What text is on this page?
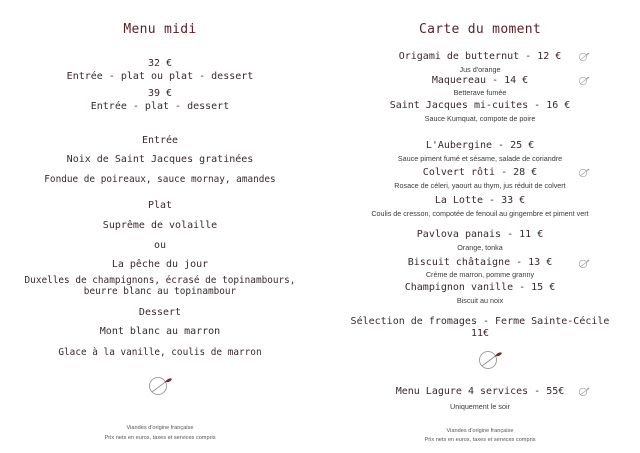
Menu midi
32 €
Entrée - plat ou plat - dessert
39 €
Entrée - plat - dessert
Entrée
Noix de Saint Jacques gratinées
Fondue de poireaux, sauce mornay, amandes
Plat
Suprême de volaille
ou
La pêche du jour
Duxelles de champignons, écrasé de topinambours,
beurre blanc au topinambour
Dessert
Mont blanc au marron
Glace à la vanille, coulis de marron
Viandes d'origine française
Prix nets en euros, taxes et services compris
Carte du moment
Origami de butternut - 12 €
Jus d'orange
Maquereau - 14 €
Betterave fumée
Saint Jacques mi-cuites - 16 €
Sauce Kumquat, compote de poire
L'Aubergine - 25 €
Sauce piment fumé et sésame, salade de coriandre
Colvert rôti - 28 €
Rosace de céleri, yaourt au thym, jus réduit de colvert
La Lotte - 33 €
Coulis de cresson, compotée de fenouil au gingembre et piment vert
Pavlova panais - 11 €
Orange, tonka
Biscuit châtaigne - 13 €
Crème de marron, pomme granny
Champignon vanille - 15 €
Biscuit au noix
Sélection de fromages - Ferme Sainte-Cécile
11€
Menu Lagure 4 services - 55€
Uniquement le soir
Viandes d'origine française
Prix nets en euros, taxes et services compris
